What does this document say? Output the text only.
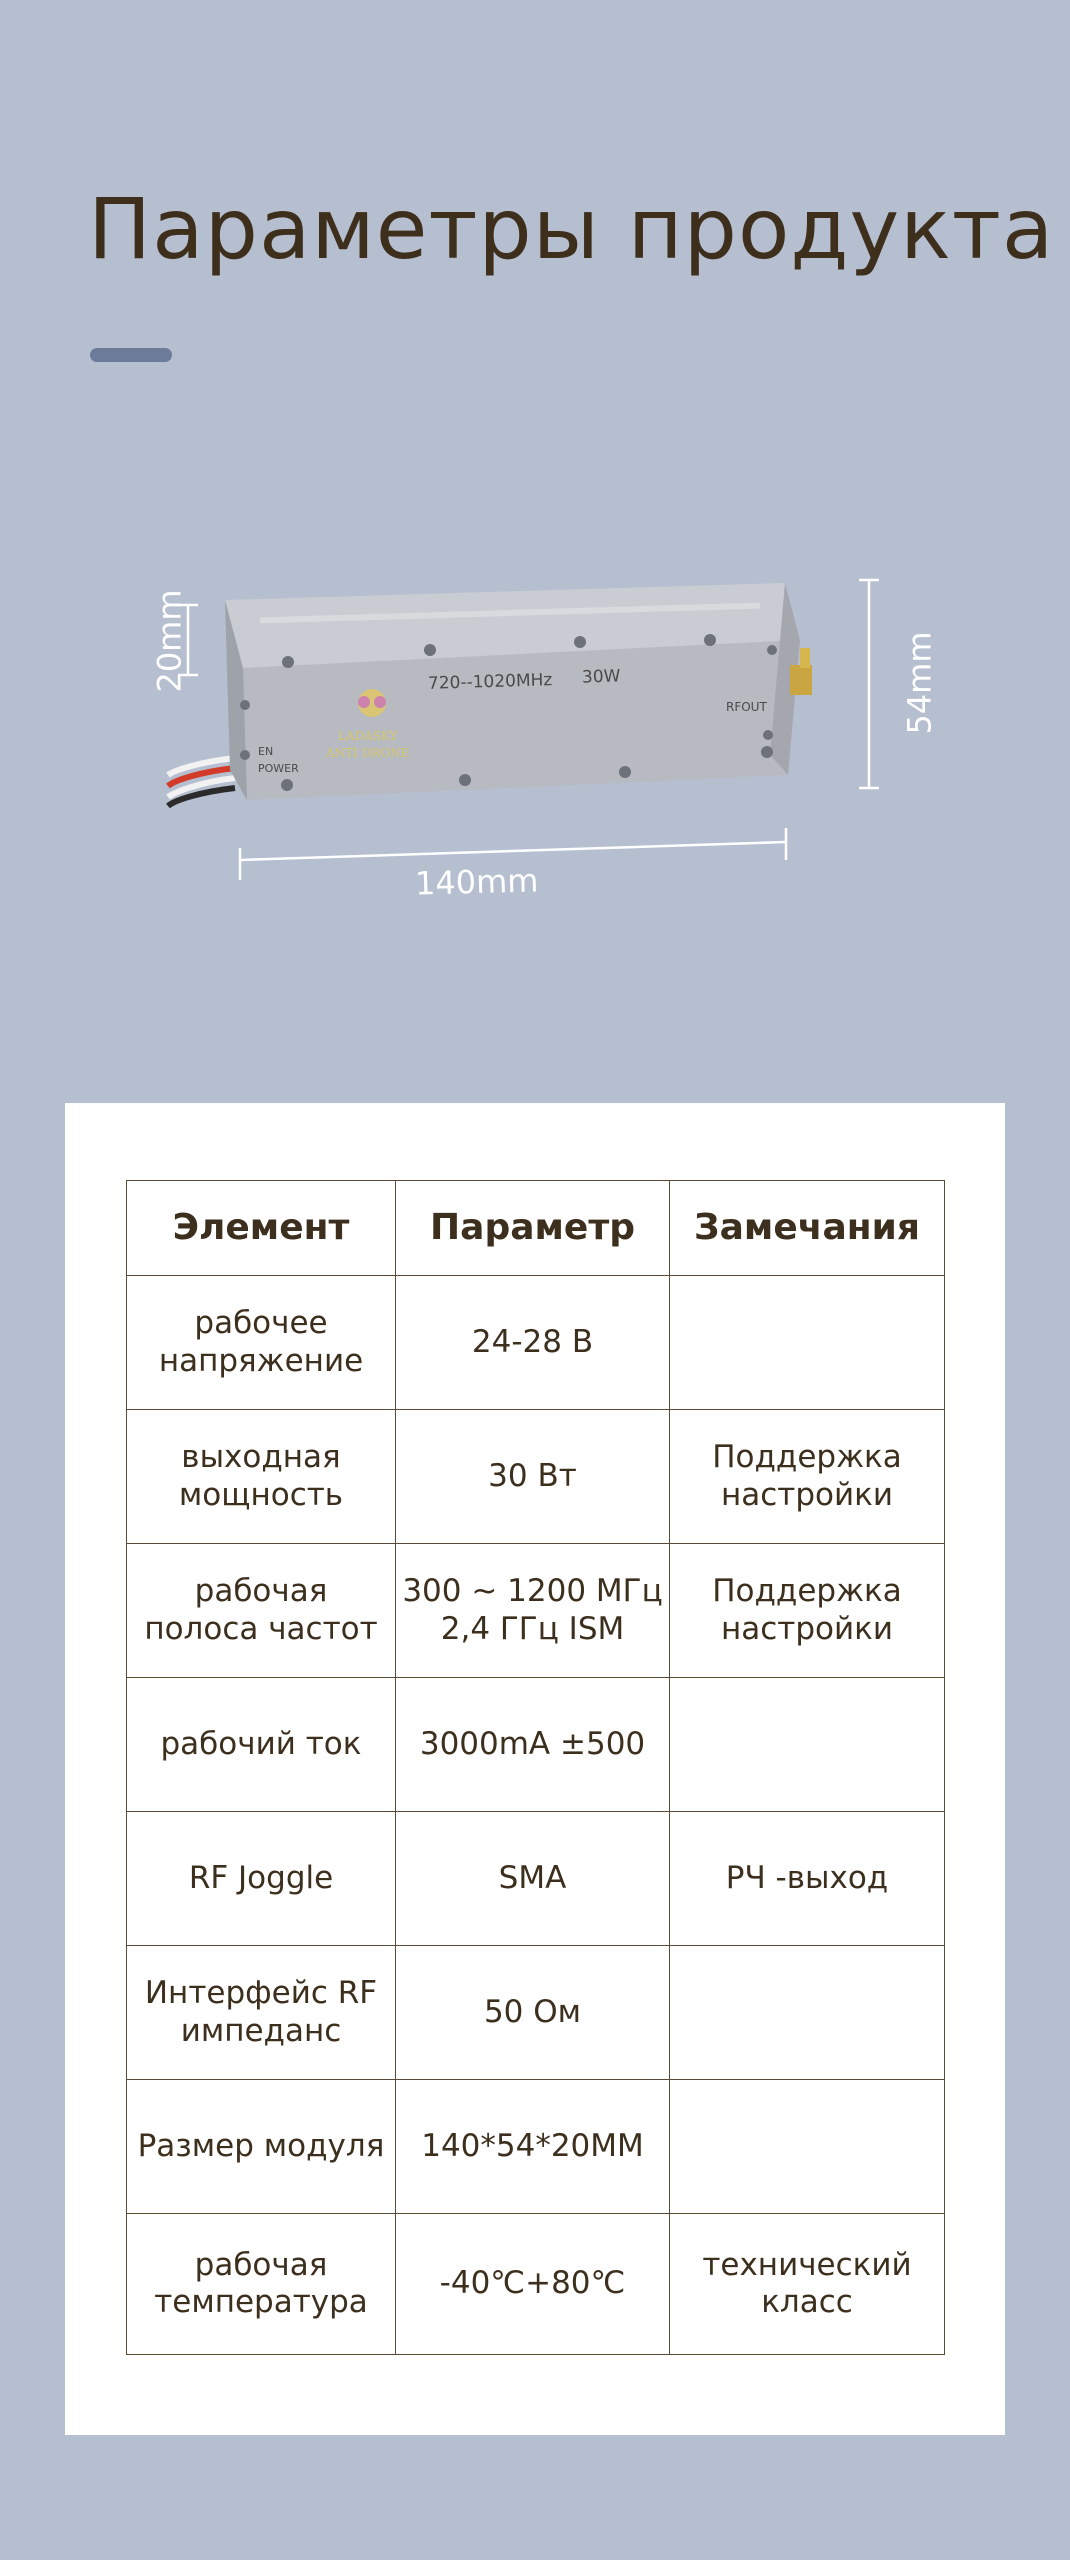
Параметры продукта
720--1020MHz 30W
LADASKY
ANTI DRONE
RFOUT
POWER
EN
20mm	54mm
140mm
Элемент	Параметр	Замечания

рабочее
напряжение	24-28 В	

выходная
мощность	30 Вт	Поддержка
настройки

рабочая
полоса частот	300 ~ 1200 МГц
2,4 ГГц ISM	Поддержка
настройки

рабочий ток	3000mA ±500	

RF Joggle	SMA	РЧ -выход

Интерфейс RF
импеданс	50 Ом	

Размер модуля	140*54*20MM	

рабочая
температура	-40℃+80℃	технический
класс
